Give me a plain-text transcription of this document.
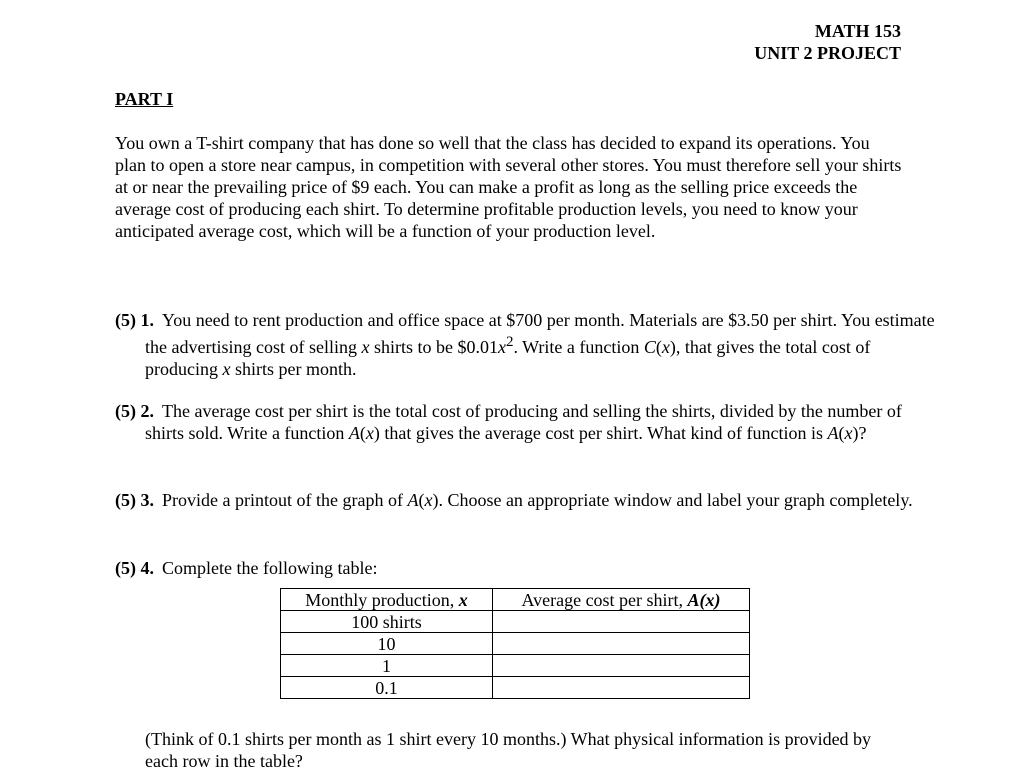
MATH 153
UNIT 2 PROJECT
PART I

You own a T-shirt company that has done so well that the class has decided to expand its operations. You plan to open a store near campus, in competition with several other stores. You must therefore sell your shirts at or near the prevailing price of $9 each. You can make a profit as long as the selling price exceeds the average cost of producing each shirt. To determine profitable production levels, you need to know your anticipated average cost, which will be a function of your production level.

(5) 1. You need to rent production and office space at $700 per month. Materials are $3.50 per shirt. You estimate the advertising cost of selling x shirts to be $\$0.01x^2$. Write a function C(x), that gives the total cost of producing x shirts per month.

(5) 2. The average cost per shirt is the total cost of producing and selling the shirts, divided by the number of shirts sold. Write a function A(x) that gives the average cost per shirt. What kind of function is A(x)?

(5) 3. Provide a printout of the graph of A(x). Choose an appropriate window and label your graph completely.

(5) 4. Complete the following table:

Monthly production, x	Average cost per shirt, A(x)
100 shirts	
10	
1	
0.1	

(Think of 0.1 shirts per month as 1 shirt every 10 months.) What physical information is provided by each row in the table?
